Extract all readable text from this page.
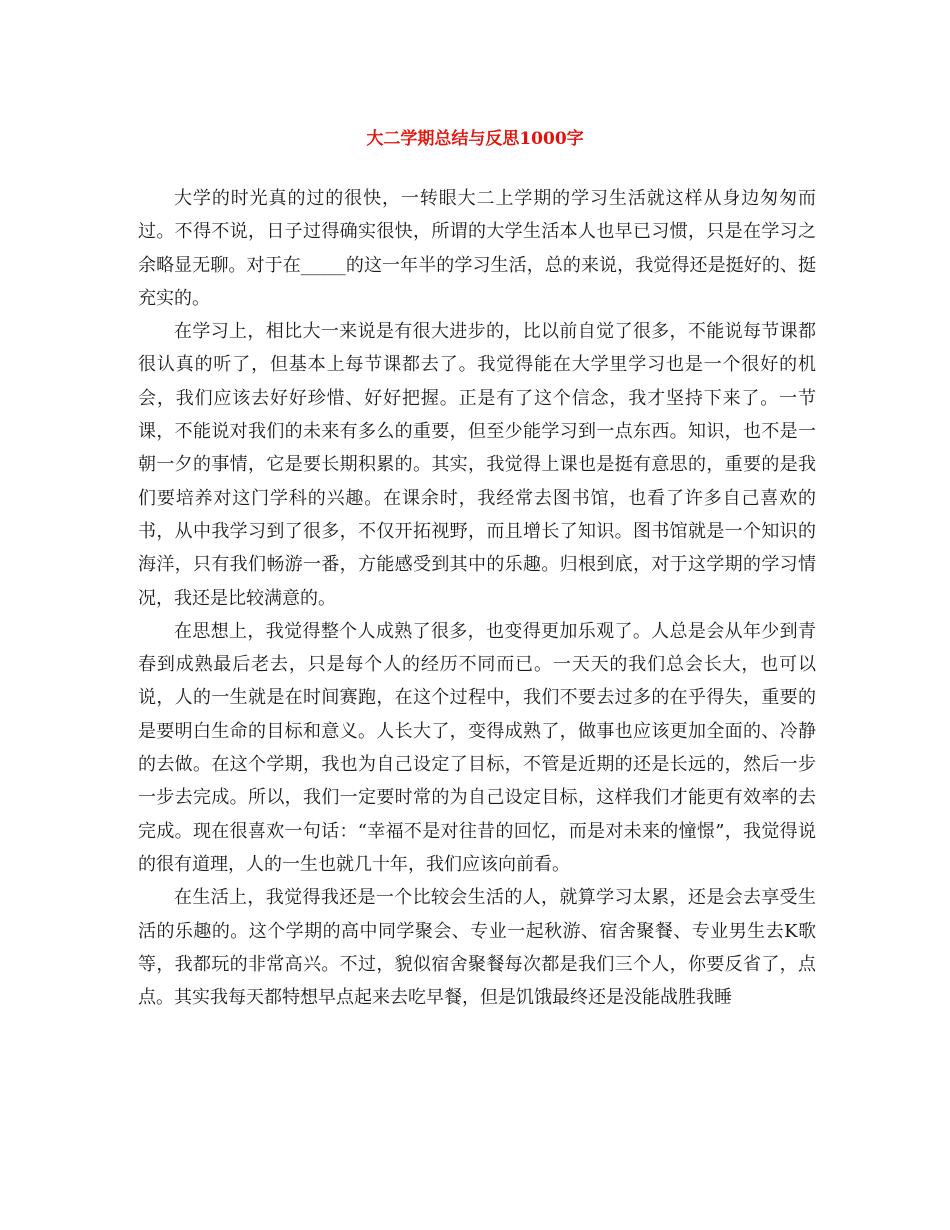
大二学期总结与反思1000字

大学的时光真的过的很快，一转眼大二上学期的学习生活就这样从身边匆匆而过。不得不说，日子过得确实很快，所谓的大学生活本人也早已习惯，只是在学习之余略显无聊。对于在_____的这一年半的学习生活，总的来说，我觉得还是挺好的、挺充实的。

在学习上，相比大一来说是有很大进步的，比以前自觉了很多，不能说每节课都很认真的听了，但基本上每节课都去了。我觉得能在大学里学习也是一个很好的机会，我们应该去好好珍惜、好好把握。正是有了这个信念，我才坚持下来了。一节课，不能说对我们的未来有多么的重要，但至少能学习到一点东西。知识，也不是一朝一夕的事情，它是要长期积累的。其实，我觉得上课也是挺有意思的，重要的是我们要培养对这门学科的兴趣。在课余时，我经常去图书馆，也看了许多自己喜欢的书，从中我学习到了很多，不仅开拓视野，而且增长了知识。图书馆就是一个知识的海洋，只有我们畅游一番，方能感受到其中的乐趣。归根到底，对于这学期的学习情况，我还是比较满意的。

在思想上，我觉得整个人成熟了很多，也变得更加乐观了。人总是会从年少到青春到成熟最后老去，只是每个人的经历不同而已。一天天的我们总会长大，也可以说，人的一生就是在时间赛跑，在这个过程中，我们不要去过多的在乎得失，重要的是要明白生命的目标和意义。人长大了，变得成熟了，做事也应该更加全面的、冷静的去做。在这个学期，我也为自己设定了目标，不管是近期的还是长远的，然后一步一步去完成。所以，我们一定要时常的为自己设定目标，这样我们才能更有效率的去完成。现在很喜欢一句话：“幸福不是对往昔的回忆，而是对未来的憧憬”，我觉得说的很有道理，人的一生也就几十年，我们应该向前看。

在生活上，我觉得我还是一个比较会生活的人，就算学习太累，还是会去享受生活的乐趣的。这个学期的高中同学聚会、专业一起秋游、宿舍聚餐、专业男生去K歌等，我都玩的非常高兴。不过，貌似宿舍聚餐每次都是我们三个人，你要反省了，点点。其实我每天都特想早点起来去吃早餐，但是饥饿最终还是没能战胜我睡
